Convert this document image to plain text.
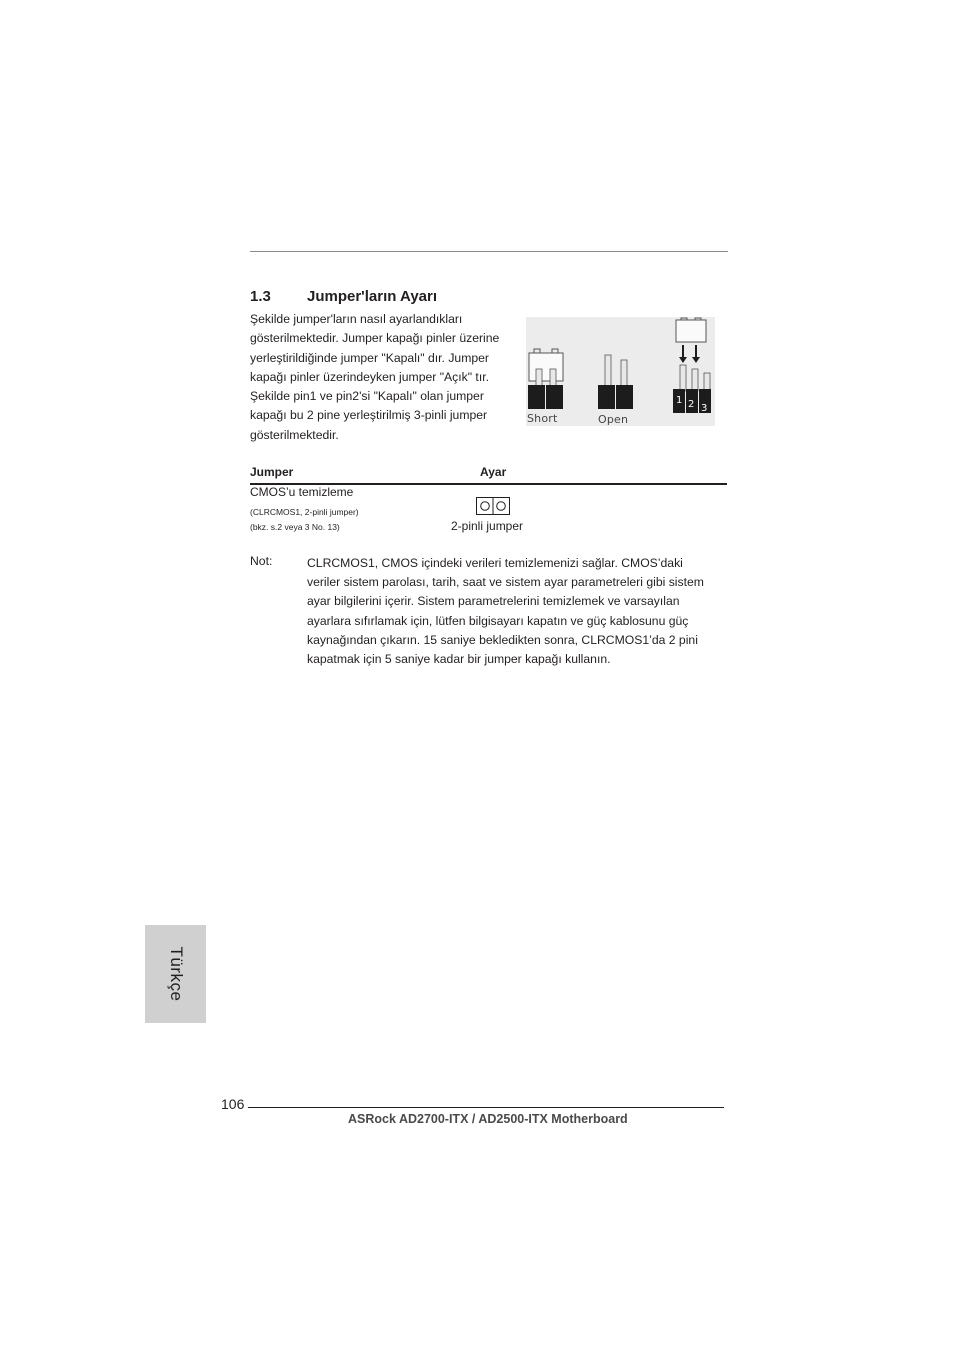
1.3 Jumper'ların Ayarı
Şekilde jumper'ların nasıl ayarlandıkları
gösterilmektedir. Jumper kapağı pinler üzerine
yerleştirildiğinde jumper "Kapalı" dır. Jumper
kapağı pinler üzerindeyken jumper "Açık" tır.
Şekilde pin1 ve pin2'si "Kapalı" olan jumper
kapağı bu 2 pine yerleştirilmiş 3-pinli jumper
gösterilmektedir.
1 2 3
Short	Open
Jumper	Ayar
CMOS’u temizleme
(CLRCMOS1, 2-pinli jumper)
(bkz. s.2 veya 3 No. 13)	2-pinli jumper
Not:	CLRCMOS1, CMOS içindeki verileri temizlemenizi sağlar. CMOS’daki
veriler sistem parolası, tarih, saat ve sistem ayar parametreleri gibi sistem
ayar bilgilerini içerir. Sistem parametrelerini temizlemek ve varsayılan
ayarlara sıfırlamak için, lütfen bilgisayarı kapatın ve güç kablosunu güç
kaynağından çıkarın. 15 saniye bekledikten sonra, CLRCMOS1’da 2 pini
kapatmak için 5 saniye kadar bir jumper kapağı kullanın.
Türkçe
106
ASRock AD2700-ITX / AD2500-ITX Motherboard
